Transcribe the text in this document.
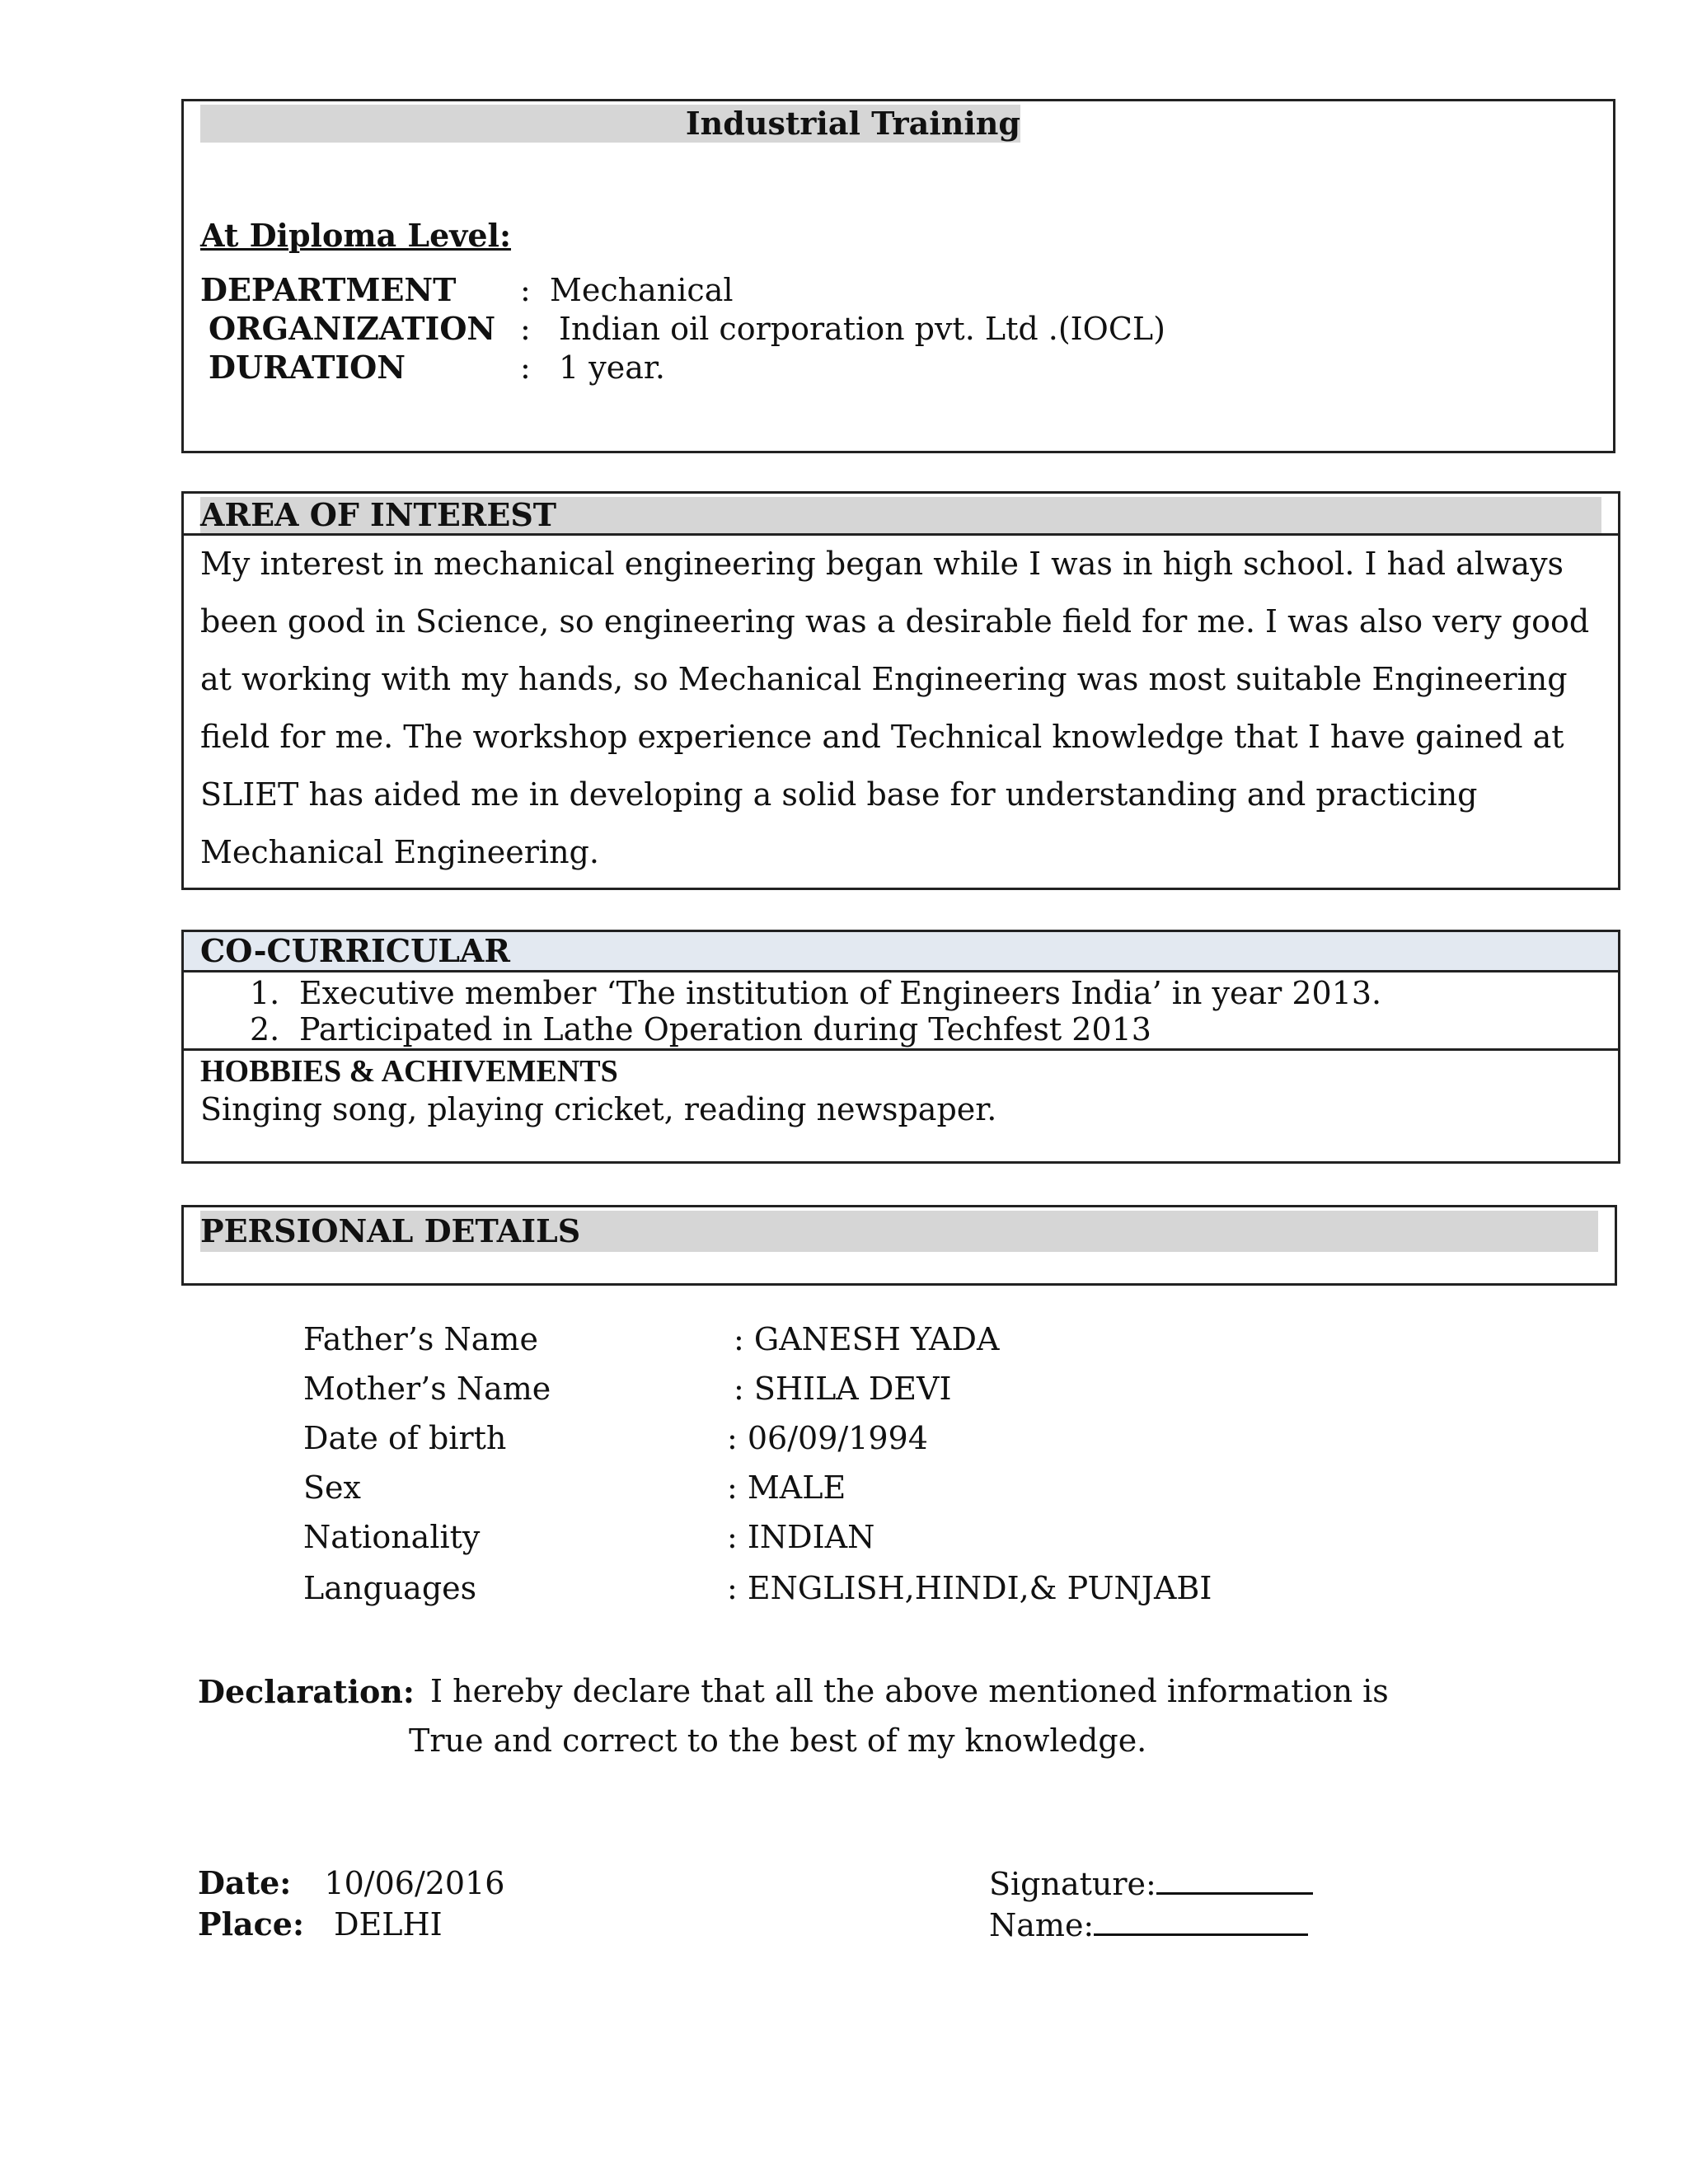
Industrial Training
At Diploma Level:
DEPARTMENT : Mechanical
ORGANIZATION : Indian oil corporation pvt. Ltd .(IOCL)
DURATION	: 1 year.
AREA OF INTEREST
My interest in mechanical engineering began while I was in high school. I had always been good in Science, so engineering was a desirable field for me. I was also very good at working with my hands, so Mechanical Engineering was most suitable Engineering field for me. The workshop experience and Technical knowledge that I have gained at SLIET has aided me in developing a solid base for understanding and practicing Mechanical Engineering.
CO-CURRICULAR
1. Executive member ‘The institution of Engineers India’ in year 2013.
2. Participated in Lathe Operation during Techfest 2013
HOBBIES & ACHIVEMENTS
Singing song, playing cricket, reading newspaper.
PERSIONAL DETAILS
Father’s Name	: GANESH YADA
Mother’s Name	: SHILA DEVI
Date of birth	: 06/09/1994
Sex	: MALE
Nationality	: INDIAN
Languages	: ENGLISH,HINDI,& PUNJABI
Declaration: I hereby declare that all the above mentioned information is
True and correct to the best of my knowledge.
Date: 10/06/2016
Place: DELHI
Signature:
Name:
